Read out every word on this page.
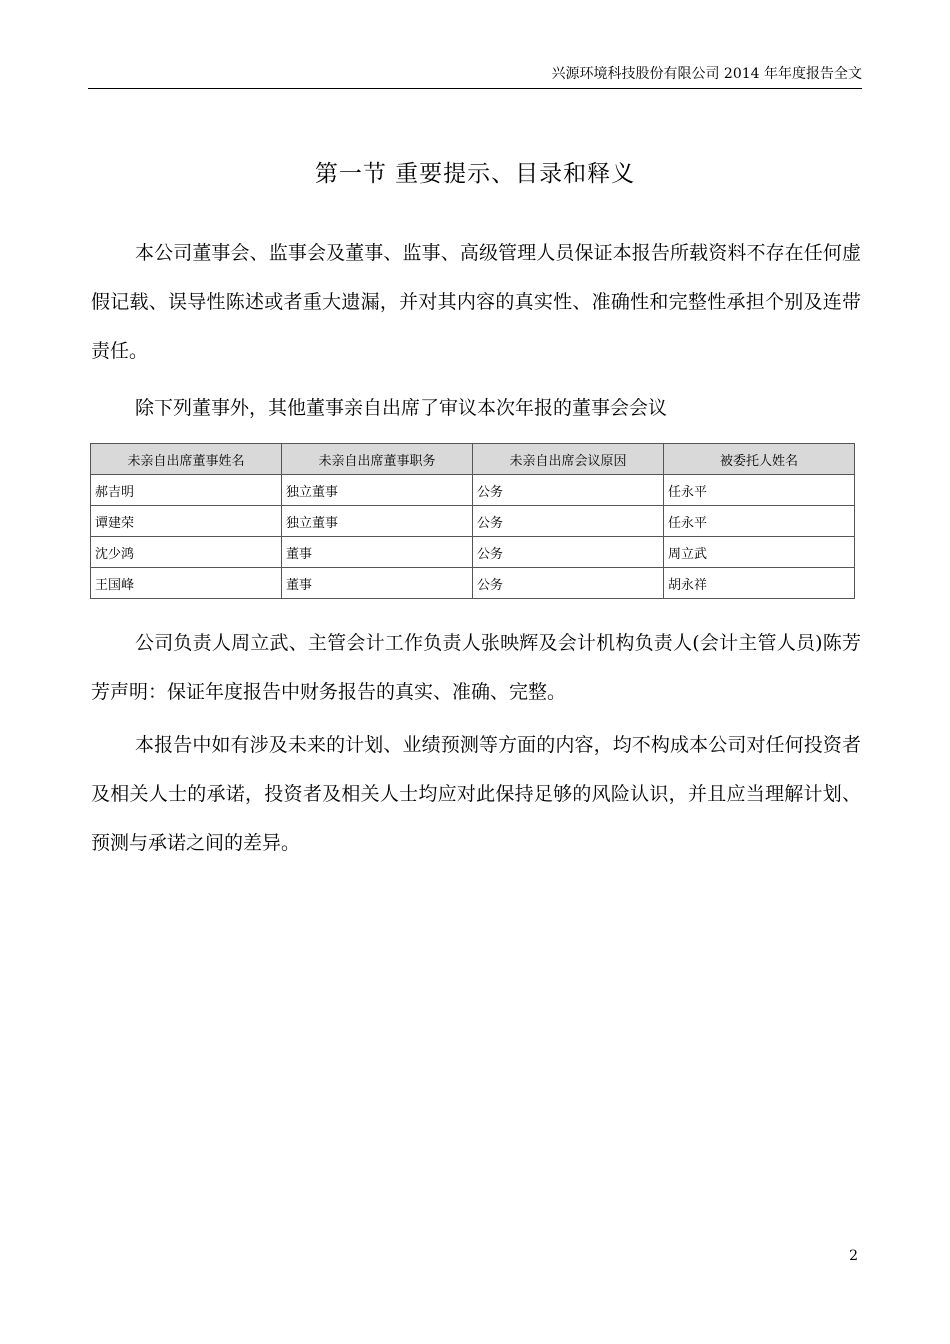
兴源环境科技股份有限公司 2014 年年度报告全文
第一节 重要提示、目录和释义

本公司董事会、监事会及董事、监事、高级管理人员保证本报告所载资料不存在任何虚假记载、误导性陈述或者重大遗漏，并对其内容的真实性、准确性和完整性承担个别及连带责任。

除下列董事外，其他董事亲自出席了审议本次年报的董事会会议

未亲自出席董事姓名	未亲自出席董事职务	未亲自出席会议原因	被委托人姓名
郝吉明	独立董事	公务	任永平
谭建荣	独立董事	公务	任永平
沈少鸿	董事	公务	周立武
王国峰	董事	公务	胡永祥

公司负责人周立武、主管会计工作负责人张映辉及会计机构负责人(会计主管人员)陈芳芳声明：保证年度报告中财务报告的真实、准确、完整。

本报告中如有涉及未来的计划、业绩预测等方面的内容，均不构成本公司对任何投资者及相关人士的承诺，投资者及相关人士均应对此保持足够的风险认识，并且应当理解计划、预测与承诺之间的差异。

2
